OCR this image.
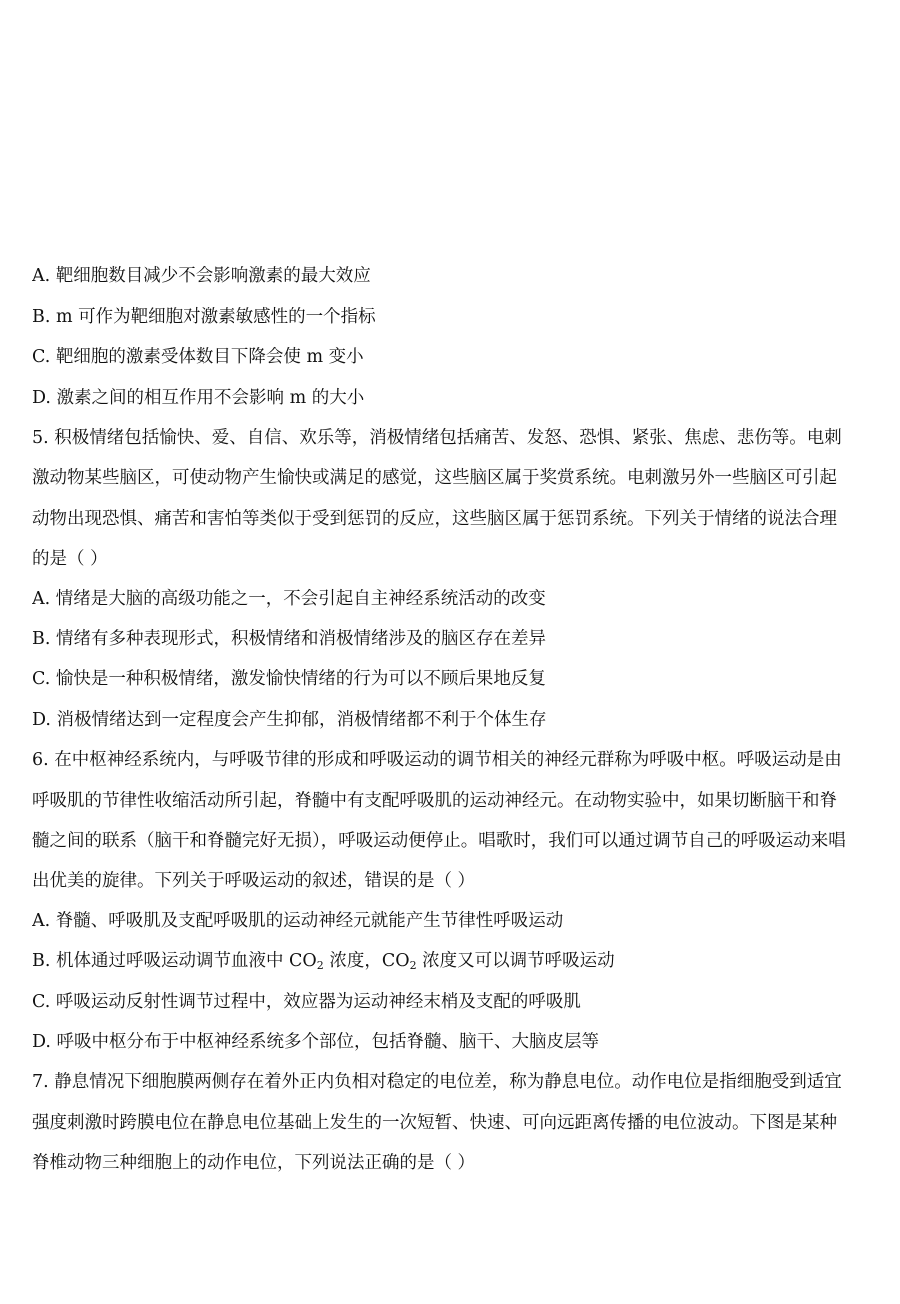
A. 靶细胞数目减少不会影响激素的最大效应
B. m 可作为靶细胞对激素敏感性的一个指标
C. 靶细胞的激素受体数目下降会使 m 变小
D. 激素之间的相互作用不会影响 m 的大小
5. 积极情绪包括愉快、爱、自信、欢乐等，消极情绪包括痛苦、发怒、恐惧、紧张、焦虑、悲伤等。电刺
激动物某些脑区，可使动物产生愉快或满足的感觉，这些脑区属于奖赏系统。电刺激另外一些脑区可引起
动物出现恐惧、痛苦和害怕等类似于受到惩罚的反应，这些脑区属于惩罚系统。下列关于情绪的说法合理
的是（ ）
A. 情绪是大脑的高级功能之一，不会引起自主神经系统活动的改变
B. 情绪有多种表现形式，积极情绪和消极情绪涉及的脑区存在差异
C. 愉快是一种积极情绪，激发愉快情绪的行为可以不顾后果地反复
D. 消极情绪达到一定程度会产生抑郁，消极情绪都不利于个体生存
6. 在中枢神经系统内，与呼吸节律的形成和呼吸运动的调节相关的神经元群称为呼吸中枢。呼吸运动是由
呼吸肌的节律性收缩活动所引起，脊髓中有支配呼吸肌的运动神经元。在动物实验中，如果切断脑干和脊
髓之间的联系（脑干和脊髓完好无损），呼吸运动便停止。唱歌时，我们可以通过调节自己的呼吸运动来唱
出优美的旋律。下列关于呼吸运动的叙述，错误的是（ ）
A. 脊髓、呼吸肌及支配呼吸肌的运动神经元就能产生节律性呼吸运动
B. 机体通过呼吸运动调节血液中 $CO_2$ 浓度，$CO_2$ 浓度又可以调节呼吸运动
C. 呼吸运动反射性调节过程中，效应器为运动神经末梢及支配的呼吸肌
D. 呼吸中枢分布于中枢神经系统多个部位，包括脊髓、脑干、大脑皮层等
7. 静息情况下细胞膜两侧存在着外正内负相对稳定的电位差，称为静息电位。动作电位是指细胞受到适宜
强度刺激时跨膜电位在静息电位基础上发生的一次短暂、快速、可向远距离传播的电位波动。下图是某种
脊椎动物三种细胞上的动作电位，下列说法正确的是（ ）
